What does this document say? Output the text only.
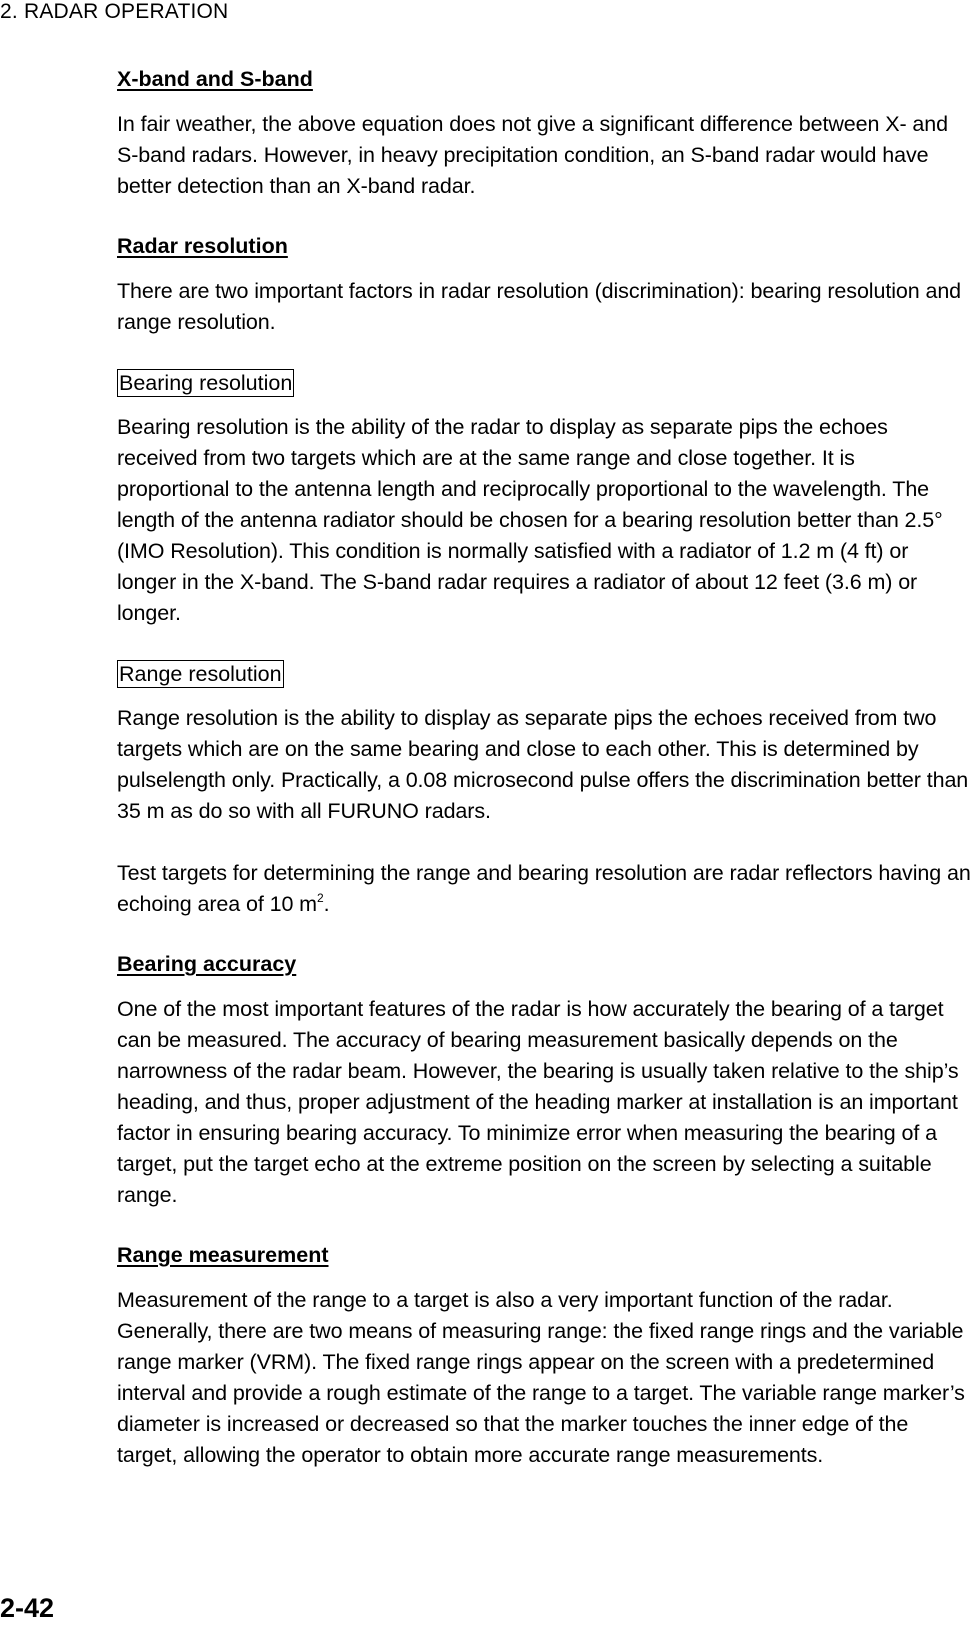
2. RADAR OPERATION

X-band and S-band

In fair weather, the above equation does not give a significant difference between X- and S-band radars. However, in heavy precipitation condition, an S-band radar would have better detection than an X-band radar.

Radar resolution

There are two important factors in radar resolution (discrimination): bearing resolution and range resolution.

Bearing resolution

Bearing resolution is the ability of the radar to display as separate pips the echoes received from two targets which are at the same range and close together. It is proportional to the antenna length and reciprocally proportional to the wavelength. The length of the antenna radiator should be chosen for a bearing resolution better than 2.5° (IMO Resolution). This condition is normally satisfied with a radiator of 1.2 m (4 ft) or longer in the X-band. The S-band radar requires a radiator of about 12 feet (3.6 m) or longer.

Range resolution

Range resolution is the ability to display as separate pips the echoes received from two targets which are on the same bearing and close to each other. This is determined by pulselength only. Practically, a 0.08 microsecond pulse offers the discrimination better than 35 m as do so with all FURUNO radars.

Test targets for determining the range and bearing resolution are radar reflectors having an echoing area of 10 $m^2$.

Bearing accuracy

One of the most important features of the radar is how accurately the bearing of a target can be measured. The accuracy of bearing measurement basically depends on the narrowness of the radar beam. However, the bearing is usually taken relative to the ship’s heading, and thus, proper adjustment of the heading marker at installation is an important factor in ensuring bearing accuracy. To minimize error when measuring the bearing of a target, put the target echo at the extreme position on the screen by selecting a suitable range.

Range measurement

Measurement of the range to a target is also a very important function of the radar. Generally, there are two means of measuring range: the fixed range rings and the variable range marker (VRM). The fixed range rings appear on the screen with a predetermined interval and provide a rough estimate of the range to a target. The variable range marker’s diameter is increased or decreased so that the marker touches the inner edge of the target, allowing the operator to obtain more accurate range measurements.

2-42
